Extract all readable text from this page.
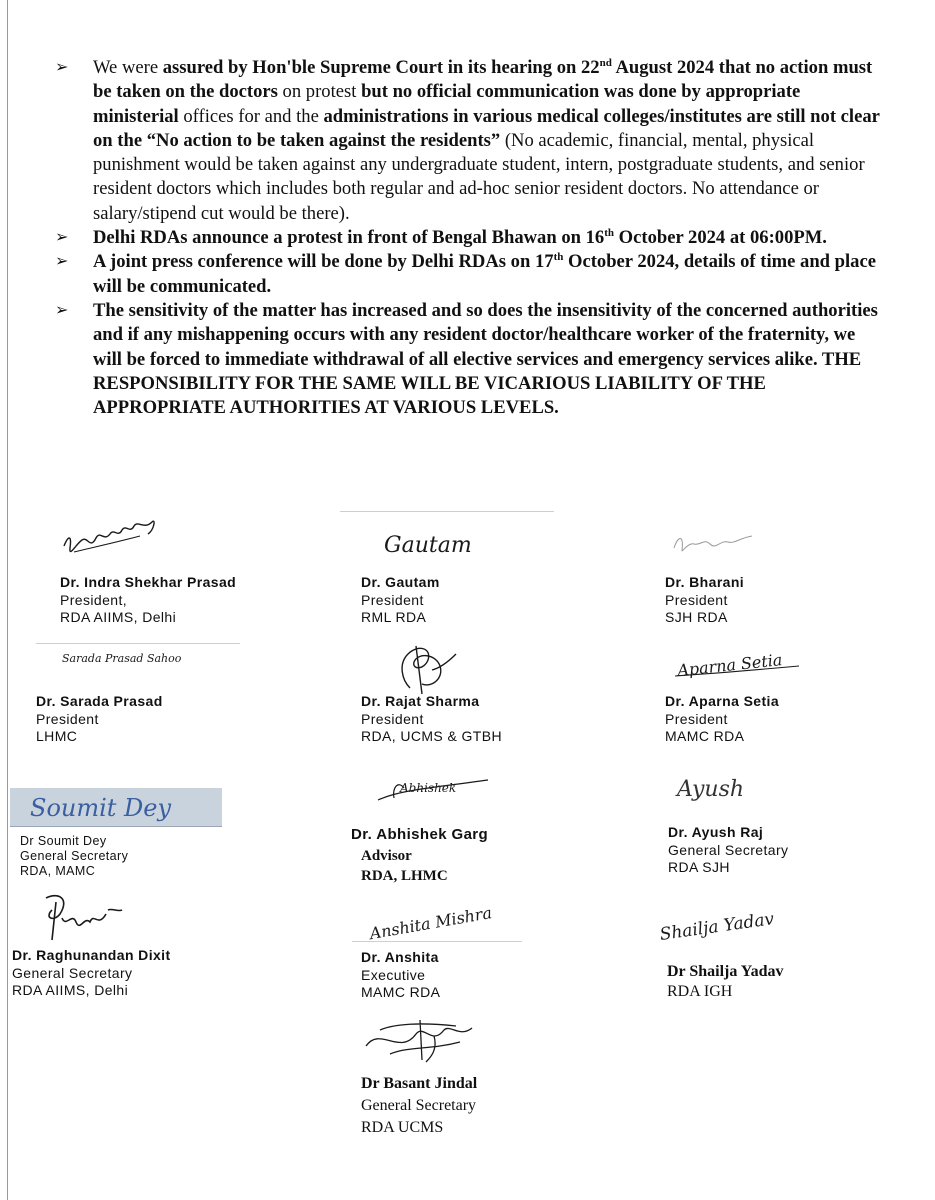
➢ We were assured by Hon'ble Supreme Court in its hearing on 22nd August 2024 that no action must be taken on the doctors on protest but no official communication was done by appropriate ministerial offices for and the administrations in various medical colleges/institutes are still not clear on the “No action to be taken against the residents” (No academic, financial, mental, physical punishment would be taken against any undergraduate student, intern, postgraduate students, and senior resident doctors which includes both regular and ad-hoc senior resident doctors. No attendance or salary/stipend cut would be there).
➢ Delhi RDAs announce a protest in front of Bengal Bhawan on 16th October 2024 at 06:00PM.
➢ A joint press conference will be done by Delhi RDAs on 17th October 2024, details of time and place will be communicated.
➢ The sensitivity of the matter has increased and so does the insensitivity of the concerned authorities and if any mishappening occurs with any resident doctor/healthcare worker of the fraternity, we will be forced to immediate withdrawal of all elective services and emergency services alike. THE RESPONSIBILITY FOR THE SAME WILL BE VICARIOUS LIABILITY OF THE APPROPRIATE AUTHORITIES AT VARIOUS LEVELS.
Gautam
Dr. Indra Shekhar Prasad
President,
RDA AIIMS, Delhi
Dr. Gautam
President
RML RDA
Dr. Bharani
President
SJH RDA
Sarada Prasad Sahoo	Aparna Setia
Dr. Sarada Prasad
President
LHMC
Dr. Rajat Sharma
President
RDA, UCMS & GTBH
Dr. Aparna Setia
President
MAMC RDA
Soumit Dey
Abhishek	Ayush
Dr Soumit Dey
General Secretary
RDA, MAMC
Dr. Abhishek Garg
Advisor
RDA, LHMC
Dr. Ayush Raj
General Secretary
RDA SJH
Anshita Mishra	Shailja Yadav
Dr. Raghunandan Dixit
General Secretary
RDA AIIMS, Delhi
Dr. Anshita
Executive
MAMC RDA
Dr Shailja Yadav
RDA IGH
Dr Basant Jindal
General Secretary
RDA UCMS
